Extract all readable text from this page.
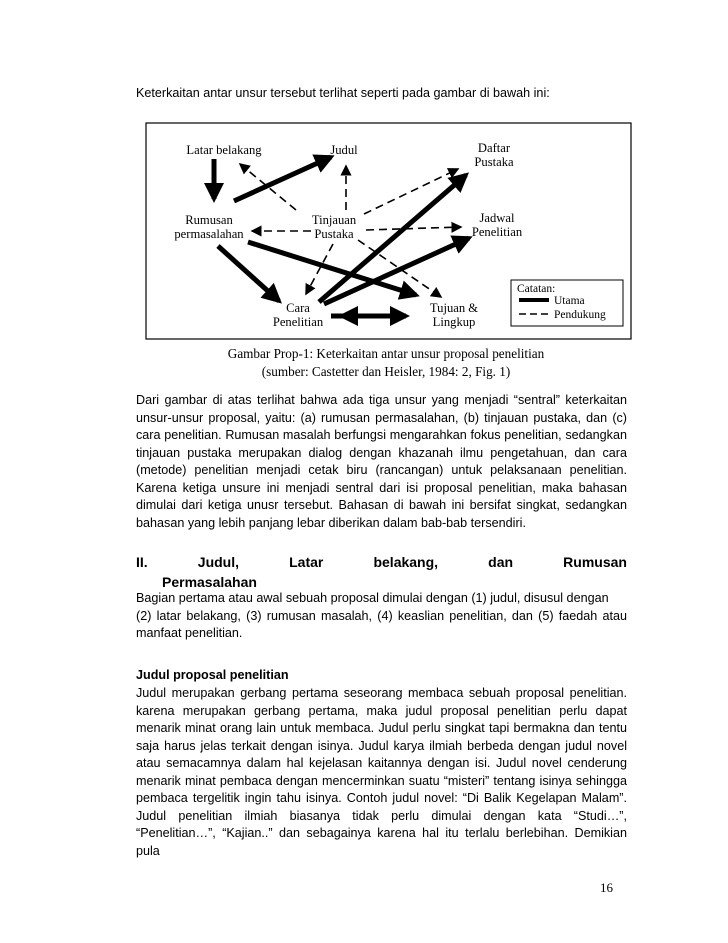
Keterkaitan antar unsur tersebut terlihat seperti pada gambar di bawah ini:
Latar belakang	Judul	Daftar
Pustaka
Rumusan
permasalahan
Tinjauan
Pustaka
Jadwal
Penelitian
Cara
Penelitian
Tujuan &
Lingkup
Catatan:
Utama
Pendukung
Gambar Prop-1: Keterkaitan antar unsur proposal penelitian
(sumber: Castetter dan Heisler, 1984: 2, Fig. 1)

Dari gambar di atas terlihat bahwa ada tiga unsur yang menjadi “sentral” keterkaitan unsur-unsur proposal, yaitu: (a) rumusan permasalahan, (b) tinjauan pustaka, dan (c) cara penelitian. Rumusan masalah berfungsi mengarahkan fokus penelitian, sedangkan tinjauan pustaka merupakan dialog dengan khazanah ilmu pengetahuan, dan cara (metode) penelitian menjadi cetak biru (rancangan) untuk pelaksanaan penelitian. Karena ketiga unsure ini menjadi sentral dari isi proposal penelitian, maka bahasan dimulai dari ketiga unusr tersebut. Bahasan di bawah ini bersifat singkat, sedangkan bahasan yang lebih panjang lebar diberikan dalam bab-bab tersendiri.

II.	Judul,	Latar	belakang,	dan	Rumusan
Permasalahan

Bagian pertama atau awal sebuah proposal dimulai dengan (1) judul, disusul dengan

(2) latar belakang, (3) rumusan masalah, (4) keaslian penelitian, dan (5) faedah atau manfaat penelitian.

Judul proposal penelitian

Judul merupakan gerbang pertama seseorang membaca sebuah proposal penelitian. karena merupakan gerbang pertama, maka judul proposal penelitian perlu dapat menarik minat orang lain untuk membaca. Judul perlu singkat tapi bermakna dan tentu saja harus jelas terkait dengan isinya. Judul karya ilmiah berbeda dengan judul novel atau semacamnya dalam hal kejelasan kaitannya dengan isi. Judul novel cenderung menarik minat pembaca dengan mencerminkan suatu “misteri” tentang isinya sehingga pembaca tergelitik ingin tahu isinya. Contoh judul novel: “Di Balik Kegelapan Malam”. Judul penelitian ilmiah biasanya tidak perlu dimulai dengan kata “Studi…”, “Penelitian…”, “Kajian..” dan sebagainya karena hal itu terlalu berlebihan. Demikian pula

16
